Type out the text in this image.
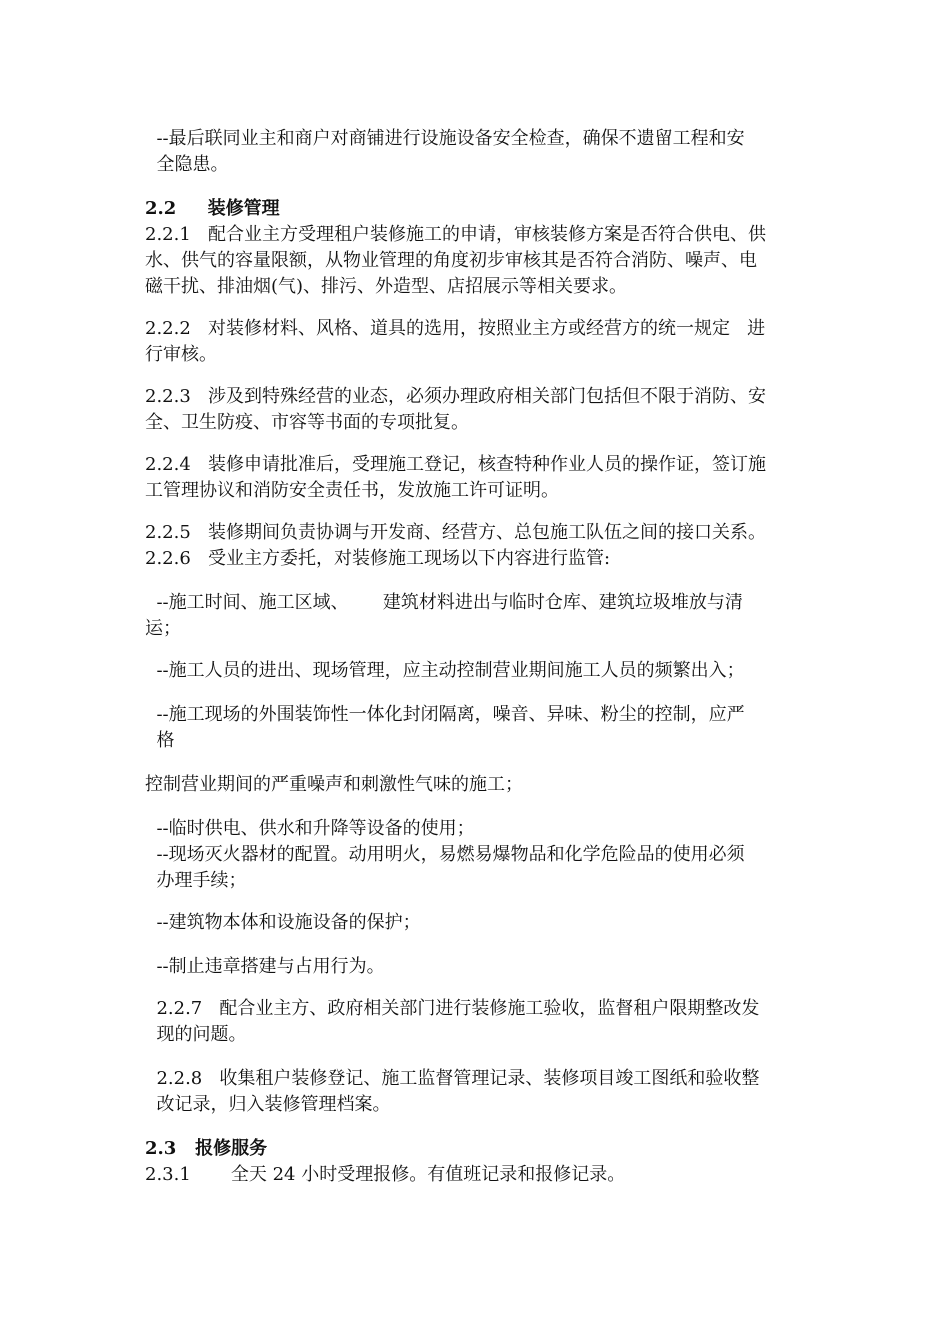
--最后联同业主和商户对商铺进行设施设备安全检查，确保不遗留工程和安
全隐患。
2.2     装修管理
2.2.1   配合业主方受理租户装修施工的申请，审核装修方案是否符合供电、供
水、供气的容量限额，从物业管理的角度初步审核其是否符合消防、噪声、电
磁干扰、排油烟(气)、排污、外造型、店招展示等相关要求。
2.2.2   对装修材料、风格、道具的选用，按照业主方或经营方的统一规定   进
行审核。
2.2.3   涉及到特殊经营的业态，必须办理政府相关部门包括但不限于消防、安
全、卫生防疫、市容等书面的专项批复。
2.2.4   装修申请批准后，受理施工登记，核查特种作业人员的操作证，签订施
工管理协议和消防安全责任书，发放施工许可证明。
2.2.5   装修期间负责协调与开发商、经营方、总包施工队伍之间的接口关系。
2.2.6   受业主方委托，对装修施工现场以下内容进行监管:
--施工时间、施工区域、      建筑材料进出与临时仓库、建筑垃圾堆放与清
运；
--施工人员的进出、现场管理，应主动控制营业期间施工人员的频繁出入；
--施工现场的外围装饰性一体化封闭隔离，噪音、异味、粉尘的控制，应严
格
控制营业期间的严重噪声和刺激性气味的施工；
--临时供电、供水和升降等设备的使用；
--现场灭火器材的配置。动用明火，易燃易爆物品和化学危险品的使用必须
办理手续；
--建筑物本体和设施设备的保护；
--制止违章搭建与占用行为。
2.2.7   配合业主方、政府相关部门进行装修施工验收，监督租户限期整改发
现的问题。
2.2.8   收集租户装修登记、施工监督管理记录、装修项目竣工图纸和验收整
改记录，归入装修管理档案。
2.3   报修服务
2.3.1       全天 24 小时受理报修。有值班记录和报修记录。
